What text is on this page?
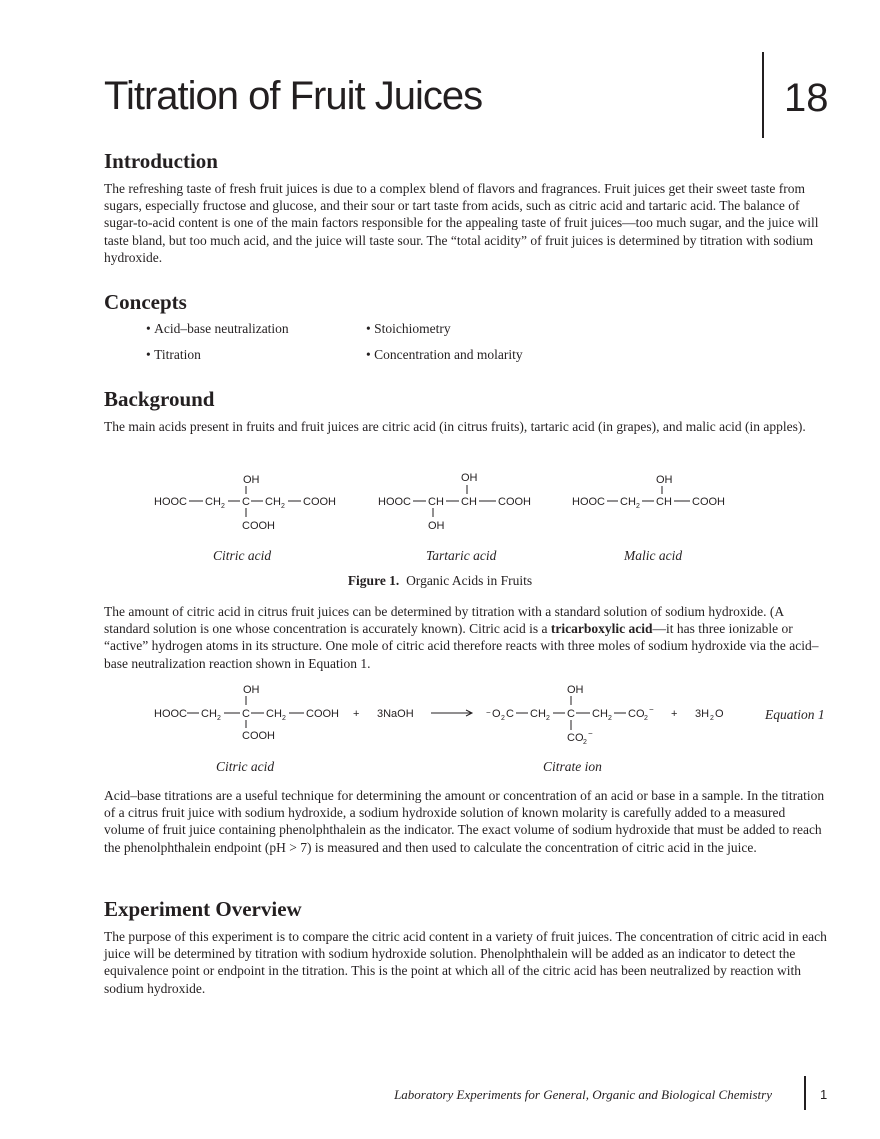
Titration of Fruit Juices	18
Introduction

The refreshing taste of fresh fruit juices is due to a complex blend of flavors and fragrances. Fruit juices get their sweet taste from sugars, especially fructose and glucose, and their sour or tart taste from acids, such as citric acid and tartaric acid. The balance of sugar-to-acid content is one of the main factors responsible for the appealing taste of fruit juices—too much sugar, and the juice will taste bland, but too much acid, and the juice will taste sour. The “total acidity” of fruit juices is determined by titration with sodium hydroxide.

Concepts
• Acid–base neutralization	• Stoichiometry
• Titration	• Concentration and molarity
Background

The main acids present in fruits and fruit juices are citric acid (in citrus fruits), tartaric acid (in grapes), and malic acid (in apples).

OH
HOOC CH 2 C CH 2 COOH
COOH
OH
HOOC CH CH COOH
OH
OH
HOOC CH 2 CH COOH
Citric acid	Tartaric acid	Malic acid
Figure 1. Organic Acids in Fruits

The amount of citric acid in citrus fruit juices can be determined by titration with a standard solution of sodium hydroxide. (A standard solution is one whose concentration is accurately known). Citric acid is a tricarboxylic acid—it has three ionizable or “active” hydrogen atoms in its structure. One mole of citric acid therefore reacts with three moles of sodium hydroxide via the acid–base neutralization reaction shown in Equation 1.

OH
HOOC CH 2 C CH 2 COOH
COOH
+ 3NaOH	− O 2 C CH 2 C CH 2 CO 2
−
OH
CO 2
−
+ 3H 2 O	Equation 1
Citric acid	Citrate ion

Acid–base titrations are a useful technique for determining the amount or concentration of an acid or base in a sample. In the titration of a citrus fruit juice with sodium hydroxide, a sodium hydroxide solution of known molarity is carefully added to a measured volume of fruit juice containing phenolphthalein as the indicator. The exact volume of sodium hydroxide that must be added to reach the phenolphthalein endpoint (pH > 7) is measured and then used to calculate the concentration of citric acid in the juice.

Experiment Overview

The purpose of this experiment is to compare the citric acid content in a variety of fruit juices. The concentration of citric acid in each juice will be determined by titration with sodium hydroxide solution. Phenolphthalein will be added as an indicator to detect the equivalence point or endpoint in the titration. This is the point at which all of the citric acid has been neutralized by reaction with sodium hydroxide.

Laboratory Experiments for General, Organic and Biological Chemistry	1
